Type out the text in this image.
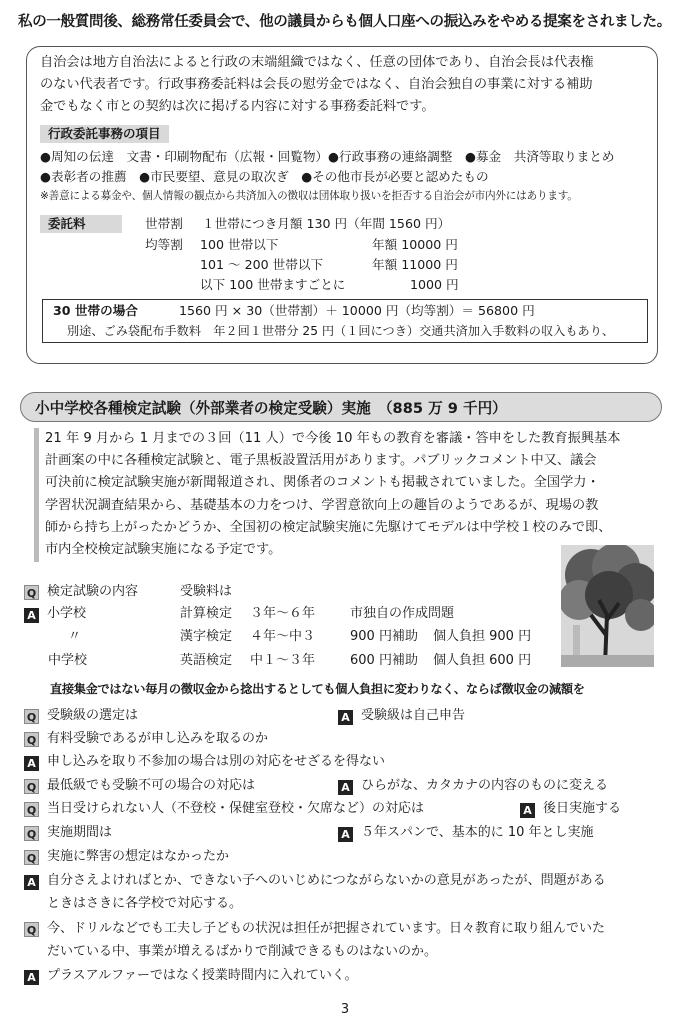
私の一般質問後、総務常任委員会で、他の議員からも個人口座への振込みをやめる提案をされました。

自治会は地方自治法によると行政の末端組織ではなく、任意の団体であり、自治会長は代表権

のない代表者です。行政事務委託料は会長の慰労金ではなく、自治会独自の事業に対する補助

金でもなく市との契約は次に掲げる内容に対する事務委託料です。

行政委託事務の項目
●周知の伝達　文書・印刷物配布（広報・回覧物）●行政事務の連絡調整　●募金　共済等取りまとめ
●表彰者の推薦　●市民要望、意見の取次ぎ　●その他市長が必要と認めたもの
※善意による募金や、個人情報の観点から共済加入の徴収は団体取り扱いを拒否する自治会が市内外にはあります。
委託料	世帯割 １世帯につき月額 130 円（年間 1560 円）
均等割 100 世帯以下	年額 10000 円
101 ～ 200 世帯以下	年額 11000 円
以下 100 世帯ますごとに	1000 円
30 世帯の場合	1560 円 × 30（世帯割）＋ 10000 円（均等割）＝ 56800 円
別途、ごみ袋配布手数料　年２回１世帯分 25 円（１回につき）交通共済加入手数料の収入もあり、
小中学校各種検定試験（外部業者の検定受験）実施　（885 万 9 千円）

21 年 9 月から 1 月までの３回（11 人）で今後 10 年もの教育を審議・答申をした教育振興基本

計画案の中に各種検定試験と、電子黒板設置活用があります。パブリックコメント中又、議会

可決前に検定試験実施が新聞報道され、関係者のコメントも掲載されていました。全国学力・

学習状況調査結果から、基礎基本の力をつけ、学習意欲向上の趣旨のようであるが、現場の教

師から持ち上がったかどうか、全国初の検定試験実施に先駆けてモデルは中学校１校のみで即、

市内全校検定試験実施になる予定です。

Q 検定試験の内容	受験料は
A 小学校	計算検定 ３年～６年	市独自の作成問題
〃	漢字検定 ４年～中３	900 円補助 個人負担 900 円
中学校	英語検定 中１～３年	600 円補助 個人負担 600 円
直接集金ではない毎月の徴収金から捻出するとしても個人負担に変わりなく、ならば徴収金の減額を
Q 受験級の選定は	A 受験級は自己申告
Q 有料受験であるが申し込みを取るのか
A 申し込みを取り不参加の場合は別の対応をせざるを得ない
Q 最低級でも受験不可の場合の対応は	A ひらがな、カタカナの内容のものに変える
Q 当日受けられない人（不登校・保健室登校・欠席など）の対応は	A 後日実施する
Q 実施期間は	A ５年スパンで、基本的に 10 年とし実施
Q 実施に弊害の想定はなかったか
A 自分さえよければとか、できない子へのいじめにつながらないかの意見があったが、問題がある
ときはさきに各学校で対応する。
Q 今、ドリルなどでも工夫し子どもの状況は担任が把握されています。日々教育に取り組んでいた
だいている中、事業が増えるばかりで削減できるものはないのか。
A プラスアルファーではなく授業時間内に入れていく。
3
